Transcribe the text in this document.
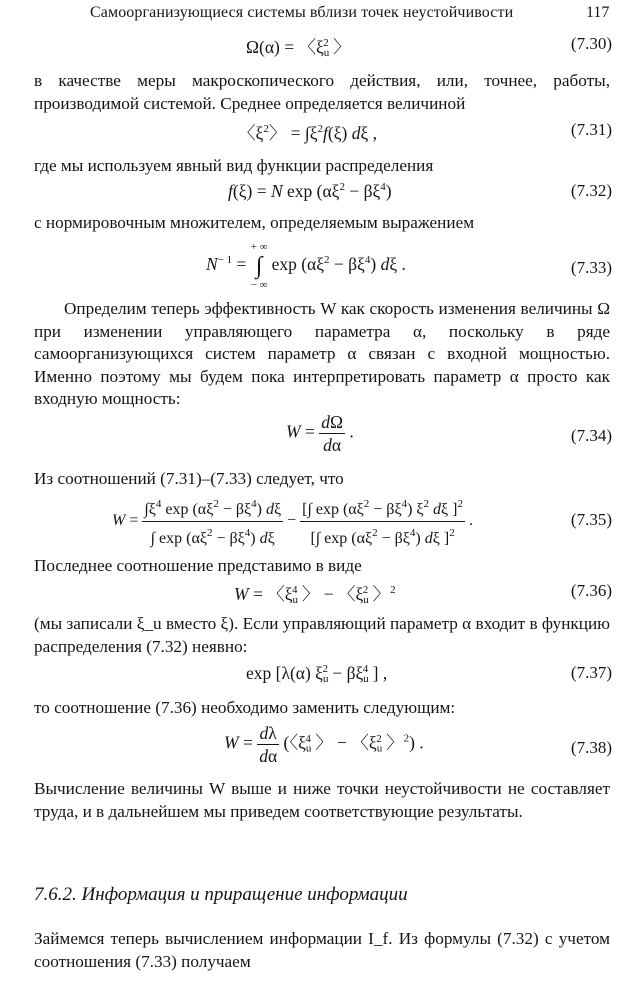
Самоорганизующиеся системы вблизи точек неустойчивости	117
Ω(α) = 〈$\xi_u^2$ 〉	(7.30)

в качестве меры макроскопического действия, или, точнее, работы, производимой системой. Среднее определяется величиной

〈$\xi^2$〉 = $\int\xi^2f(\xi)$ dξ ,	(7.31)

где мы используем явный вид функции распределения

f(ξ) = N $\exp (\alpha\xi^2 - \beta\xi^4)$	(7.32)

с нормировочным множителем, определяемым выражением

$N^{- 1}$ =
+ ∞
∫
− ∞
$\exp (\alpha\xi^2 - \beta\xi^4)$ dξ .	(7.33)

Определим теперь эффективность W как скорость изменения величины Ω при изменении управляющего параметра α, поскольку в ряде самоорганизующихся систем параметр α связан с входной мощностью. Именно поэтому мы будем пока интерпретировать параметр α просто как входную мощность:

$W = \frac{d\Omega}{d\alpha}$ .	(7.34)

Из соотношений (7.31)–(7.33) следует, что

$W = \frac{\int\xi^4 \exp (\alpha\xi^2 - \beta\xi^4) d\xi}{\int \exp (\alpha\xi^2 - \beta\xi^4) d\xi} - \frac{[\int \exp (\alpha\xi^2 - \beta\xi^4) \xi^2 d\xi ]^2}{[\int \exp (\alpha\xi^2 - \beta\xi^4) d\xi ]^2}$ .	(7.35)

Последнее соотношение представимо в виде

W = 〈$\xi_u^4$ 〉 − 〈$\xi_u^2$ 〉$^2$	(7.36)

(мы записали ξ_u вместо ξ). Если управляющий параметр α входит в функцию распределения (7.32) неявно:

exp [λ(α) $\xi_u^2 - \beta\xi_u^4$ ] ,	(7.37)

то соотношение (7.36) необходимо заменить следующим:

$W = \frac{d\lambda}{d\alpha}$ (〈$\xi_u^4$ 〉 − 〈$\xi_u^2$ 〉$^2$) .	(7.38)

Вычисление величины W выше и ниже точки неустойчивости не составляет труда, и в дальнейшем мы приведем соответствующие результаты.

7.6.2. Информация и приращение информации

Займемся теперь вычислением информации I_f. Из формулы (7.32) с учетом соотношения (7.33) получаем
